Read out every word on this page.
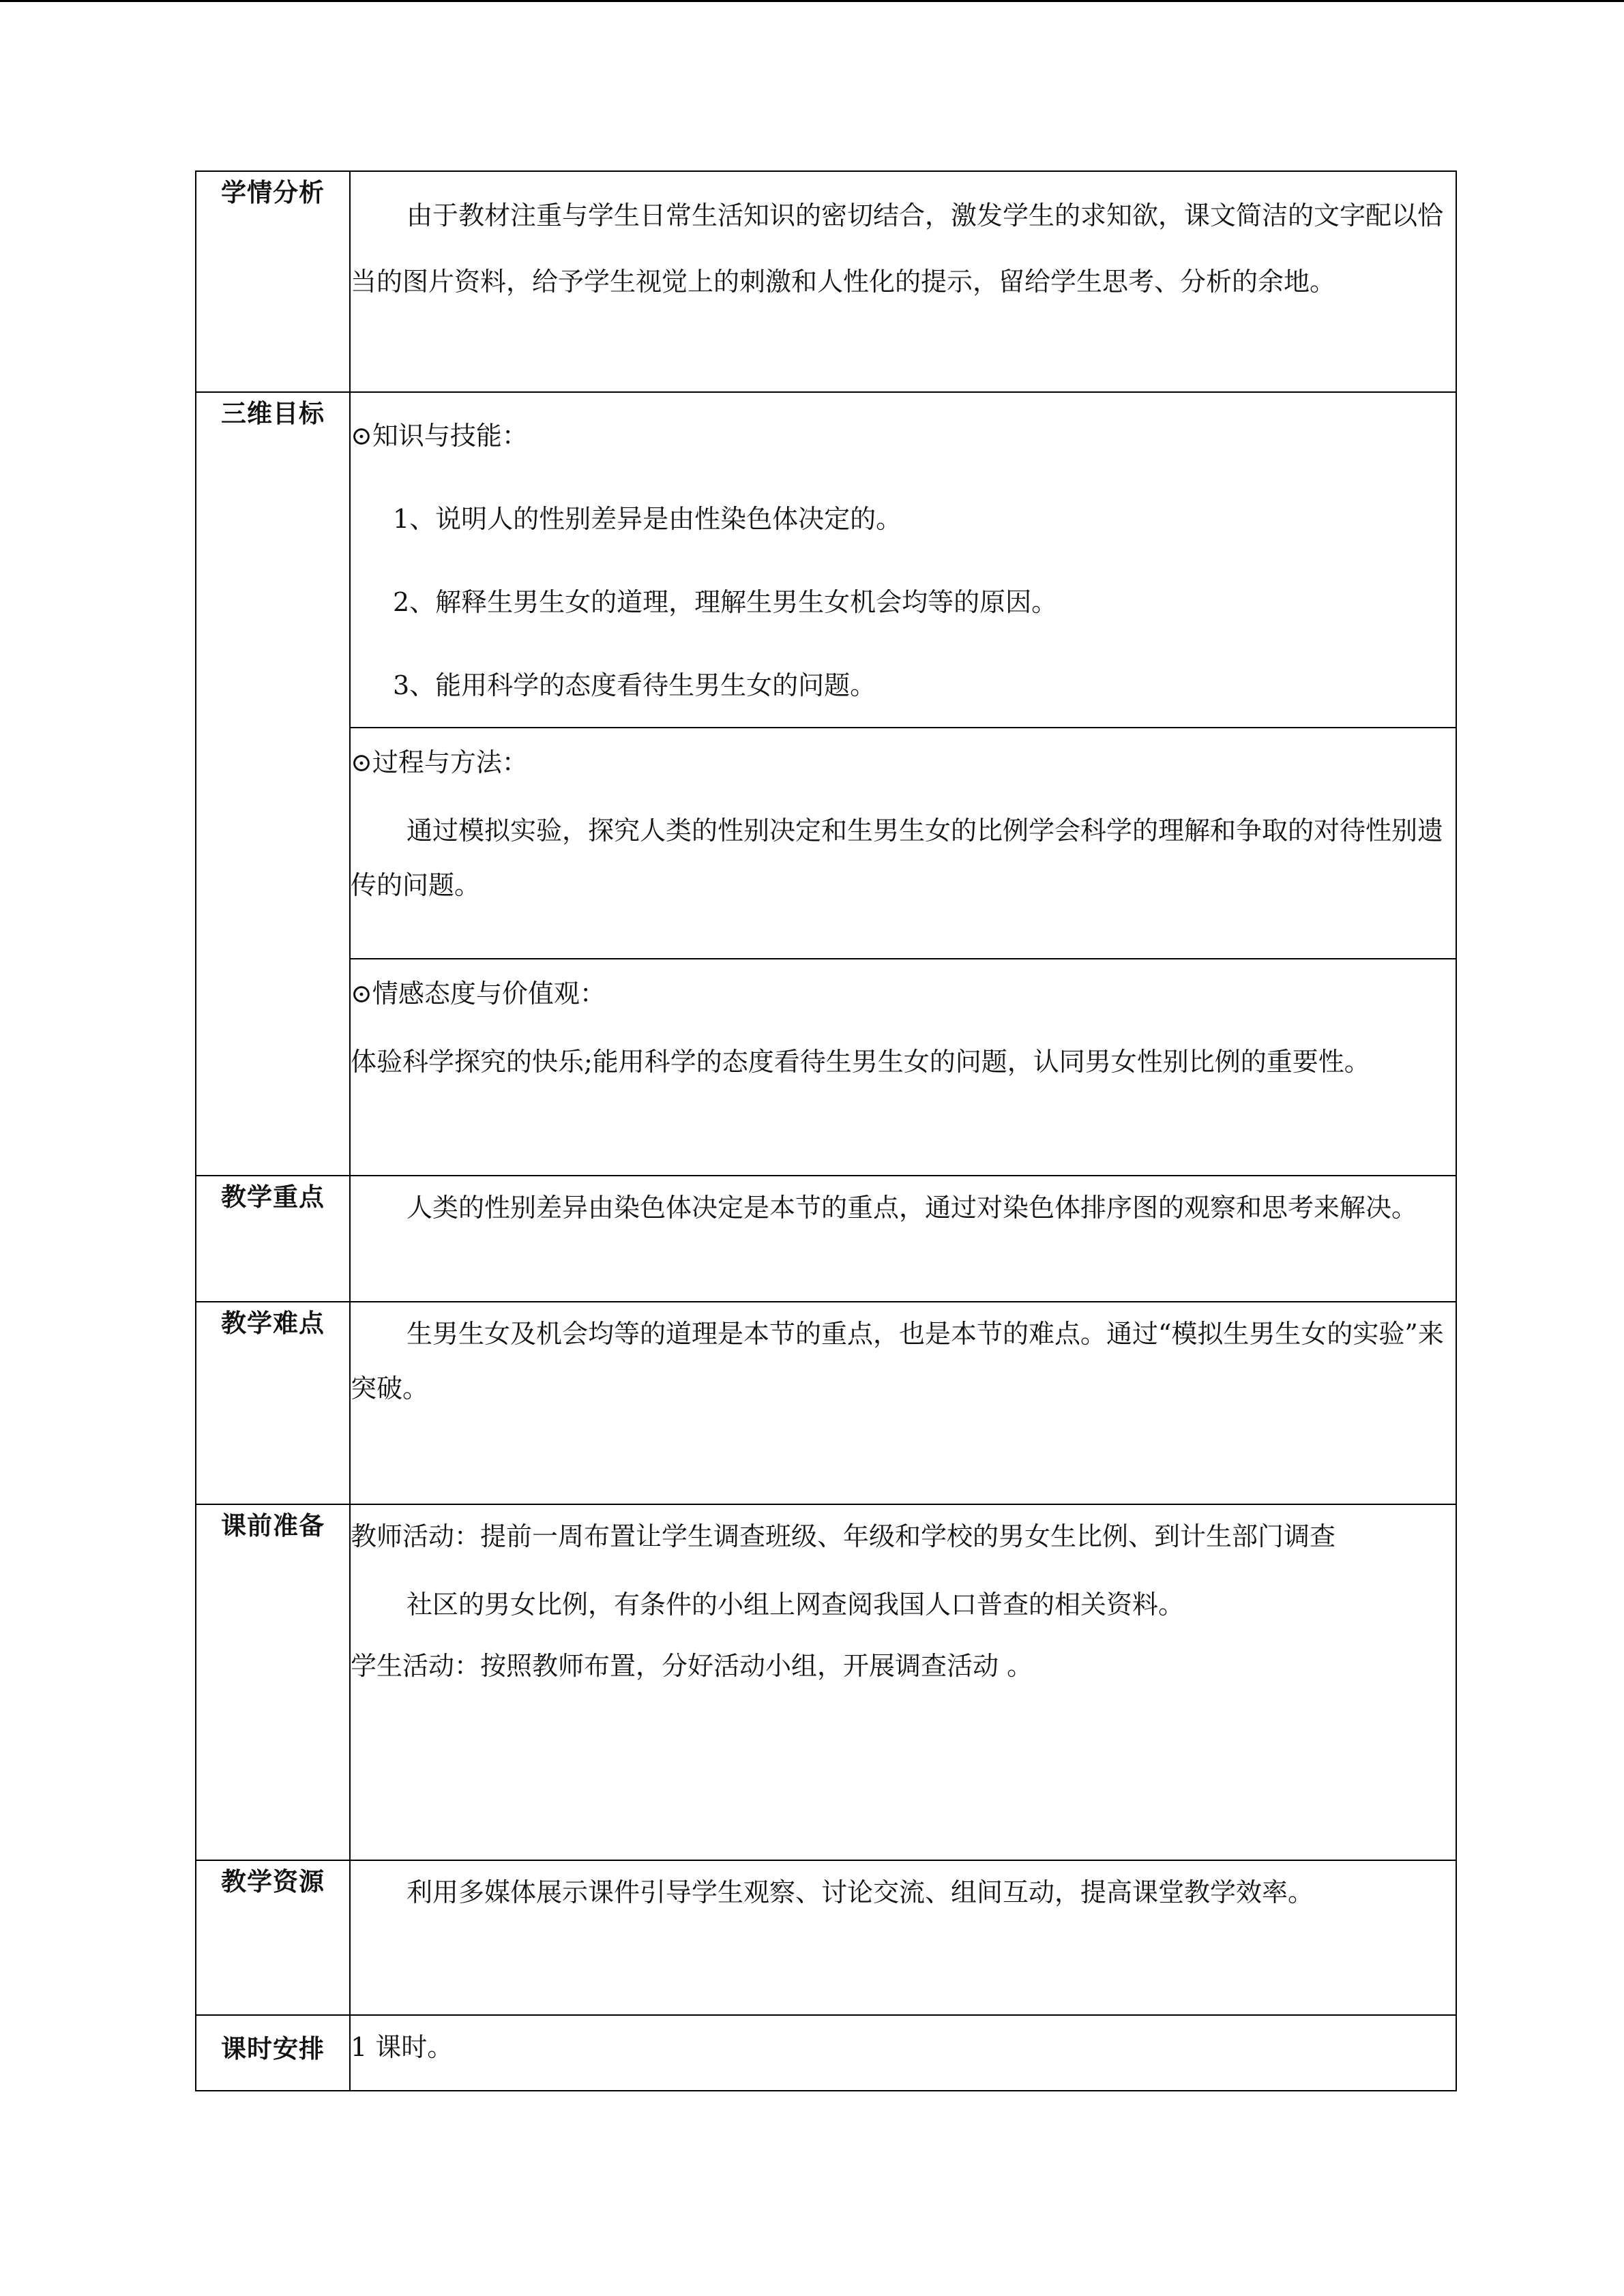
学情分析	由于教材注重与学生日常生活知识的密切结合，激发学生的求知欲，课文简洁的文字配以恰当的图片资料，给予学生视觉上的刺激和人性化的提示，留给学生思考、分析的余地。

三维目标	⊙知识与技能：

1、说明人的性别差异是由性染色体决定的。

2、解释生男生女的道理，理解生男生女机会均等的原因。

3、能用科学的态度看待生男生女的问题。

	⊙过程与方法：

通过模拟实验，探究人类的性别决定和生男生女的比例学会科学的理解和争取的对待性别遗传的问题。

	⊙情感态度与价值观：

体验科学探究的快乐;能用科学的态度看待生男生女的问题，认同男女性别比例的重要性。

教学重点	人类的性别差异由染色体决定是本节的重点，通过对染色体排序图的观察和思考来解决。

教学难点	生男生女及机会均等的道理是本节的重点，也是本节的难点。通过“模拟生男生女的实验”来突破。

课前准备	教师活动：提前一周布置让学生调查班级、年级和学校的男女生比例、到计生部门调查

社区的男女比例，有条件的小组上网查阅我国人口普查的相关资料。

学生活动：按照教师布置，分好活动小组，开展调查活动 。

教学资源	利用多媒体展示课件引导学生观察、讨论交流、组间互动，提高课堂教学效率。

课时安排	1 课时。
